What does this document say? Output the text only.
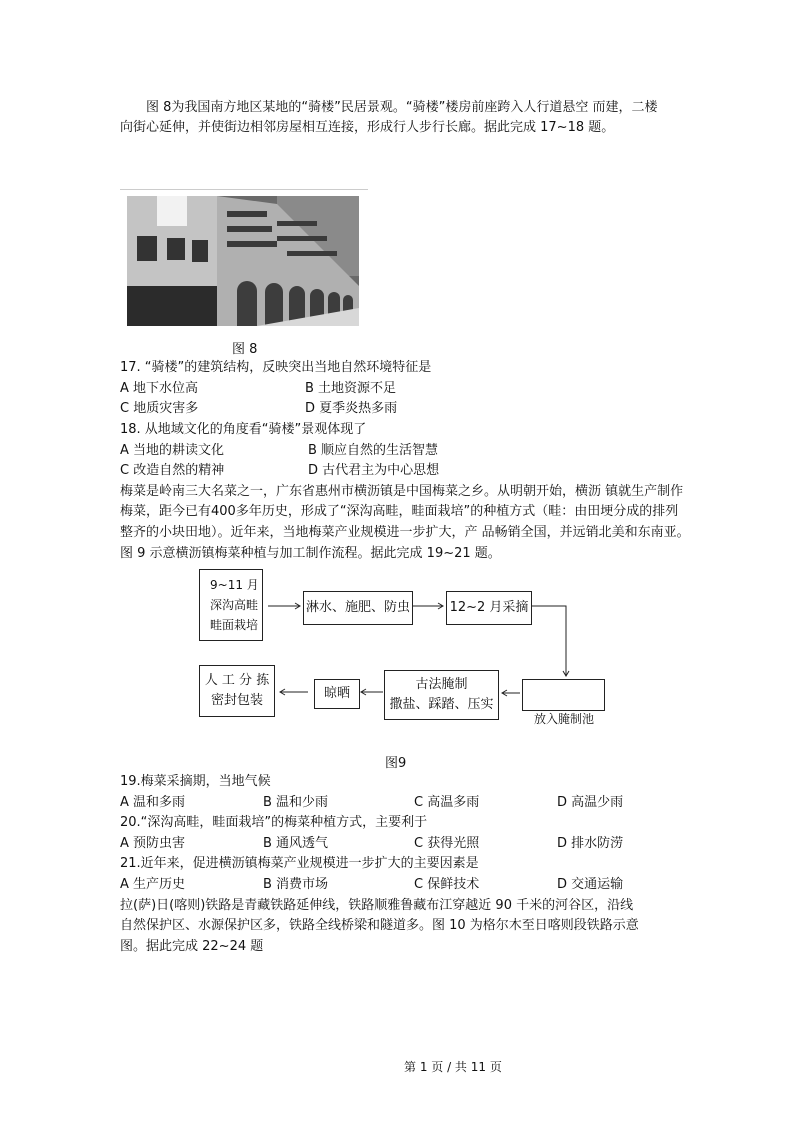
　　图 8为我国南方地区某地的“骑楼”民居景观。“骑楼”楼房前座跨入人行道悬空 而建，二楼
向街心延伸，并使街边相邻房屋相互连接，形成行人步行长廊。据此完成 17~18 题。
图 8
17. “骑楼”的建筑结构，反映突出当地自然环境特征是
A 地下水位高	B 土地资源不足
C 地质灾害多	D 夏季炎热多雨
18. 从地域文化的角度看“骑楼”景观体现了
A 当地的耕读文化	B 顺应自然的生活智慧
C 改造自然的精神	D 古代君主为中心思想
梅菜是岭南三大名菜之一，广东省惠州市横沥镇是中国梅菜之乡。从明朝开始，横沥 镇就生产制作
梅菜，距今已有400多年历史，形成了“深沟高畦，畦面栽培”的种植方式（畦：由田埂分成的排列
整齐的小块田地）。近年来，当地梅菜产业规模进一步扩大，产 品畅销全国，并远销北美和东南亚。
图 9 示意横沥镇梅菜种植与加工制作流程。据此完成 19~21 题。
9~11 月
深沟高畦
畦面栽培
淋水、施肥、防虫	12~2 月采摘
放入腌制池
古法腌制
撒盐、踩踏、压实
晾晒
人 工 分 拣
密封包装
图9
19.梅菜采摘期，当地气候
A 温和多雨	B 温和少雨	C 高温多雨	D 高温少雨
20.“深沟高畦，畦面栽培”的梅菜种植方式，主要利于
A 预防虫害	B 通风透气	C 获得光照	D 排水防涝
21.近年来，促进横沥镇梅菜产业规模进一步扩大的主要因素是
A 生产历史	B 消费市场	C 保鲜技术	D 交通运输
拉(萨)日(喀则)铁路是青藏铁路延伸线，铁路顺雅鲁藏布江穿越近 90 千米的河谷区，沿线
自然保护区、水源保护区多，铁路全线桥梁和隧道多。图 10 为格尔木至日喀则段铁路示意
图。据此完成 22~24 题
第 1 页 / 共 11 页
